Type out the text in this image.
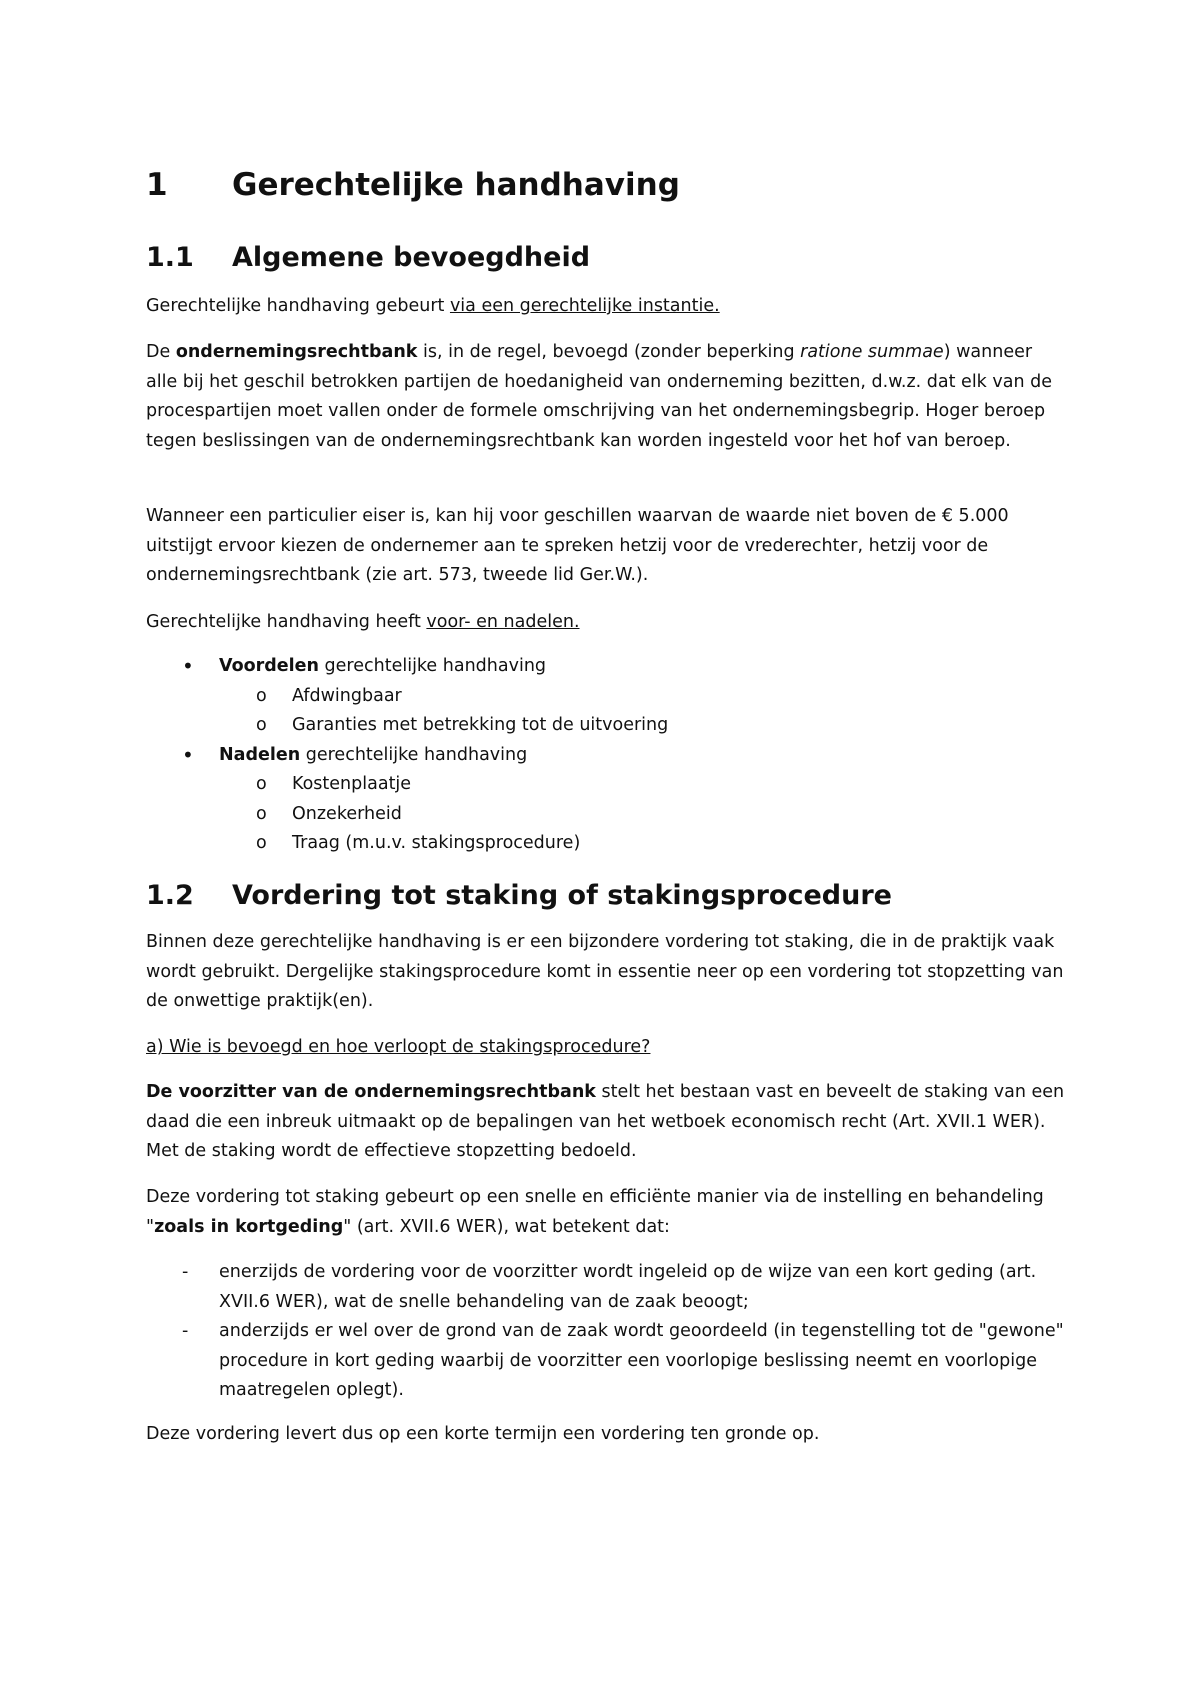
1 Gerechtelijke handhaving
1.1 Algemene bevoegdheid

Gerechtelijke handhaving gebeurt via een gerechtelijke instantie.

De ondernemingsrechtbank is, in de regel, bevoegd (zonder beperking ratione summae) wanneer alle bij het geschil betrokken partijen de hoedanigheid van onderneming bezitten, d.w.z. dat elk van de procespartijen moet vallen onder de formele omschrijving van het ondernemingsbegrip. Hoger beroep tegen beslissingen van de ondernemingsrechtbank kan worden ingesteld voor het hof van beroep.

Wanneer een particulier eiser is, kan hij voor geschillen waarvan de waarde niet boven de € 5.000 uitstijgt ervoor kiezen de ondernemer aan te spreken hetzij voor de vrederechter, hetzij voor de ondernemingsrechtbank (zie art. 573, tweede lid Ger.W.).

Gerechtelijke handhaving heeft voor- en nadelen.

• Voordelen gerechtelijke handhaving
o Afdwingbaar
o Garanties met betrekking tot de uitvoering
• Nadelen gerechtelijke handhaving
o Kostenplaatje
o Onzekerheid
o Traag (m.u.v. stakingsprocedure)
1.2 Vordering tot staking of stakingsprocedure

Binnen deze gerechtelijke handhaving is er een bijzondere vordering tot staking, die in de praktijk vaak wordt gebruikt. Dergelijke stakingsprocedure komt in essentie neer op een vordering tot stopzetting van de onwettige praktijk(en).

a) Wie is bevoegd en hoe verloopt de stakingsprocedure?

De voorzitter van de ondernemingsrechtbank stelt het bestaan vast en beveelt de staking van een daad die een inbreuk uitmaakt op de bepalingen van het wetboek economisch recht (Art. XVII.1 WER). Met de staking wordt de effectieve stopzetting bedoeld.

Deze vordering tot staking gebeurt op een snelle en efficiënte manier via de instelling en behandeling "zoals in kortgeding" (art. XVII.6 WER), wat betekent dat:

- enerzijds de vordering voor de voorzitter wordt ingeleid op de wijze van een kort geding (art. XVII.6 WER), wat de snelle behandeling van de zaak beoogt;
- anderzijds er wel over de grond van de zaak wordt geoordeeld (in tegenstelling tot de "gewone" procedure in kort geding waarbij de voorzitter een voorlopige beslissing neemt en voorlopige maatregelen oplegt).

Deze vordering levert dus op een korte termijn een vordering ten gronde op.
